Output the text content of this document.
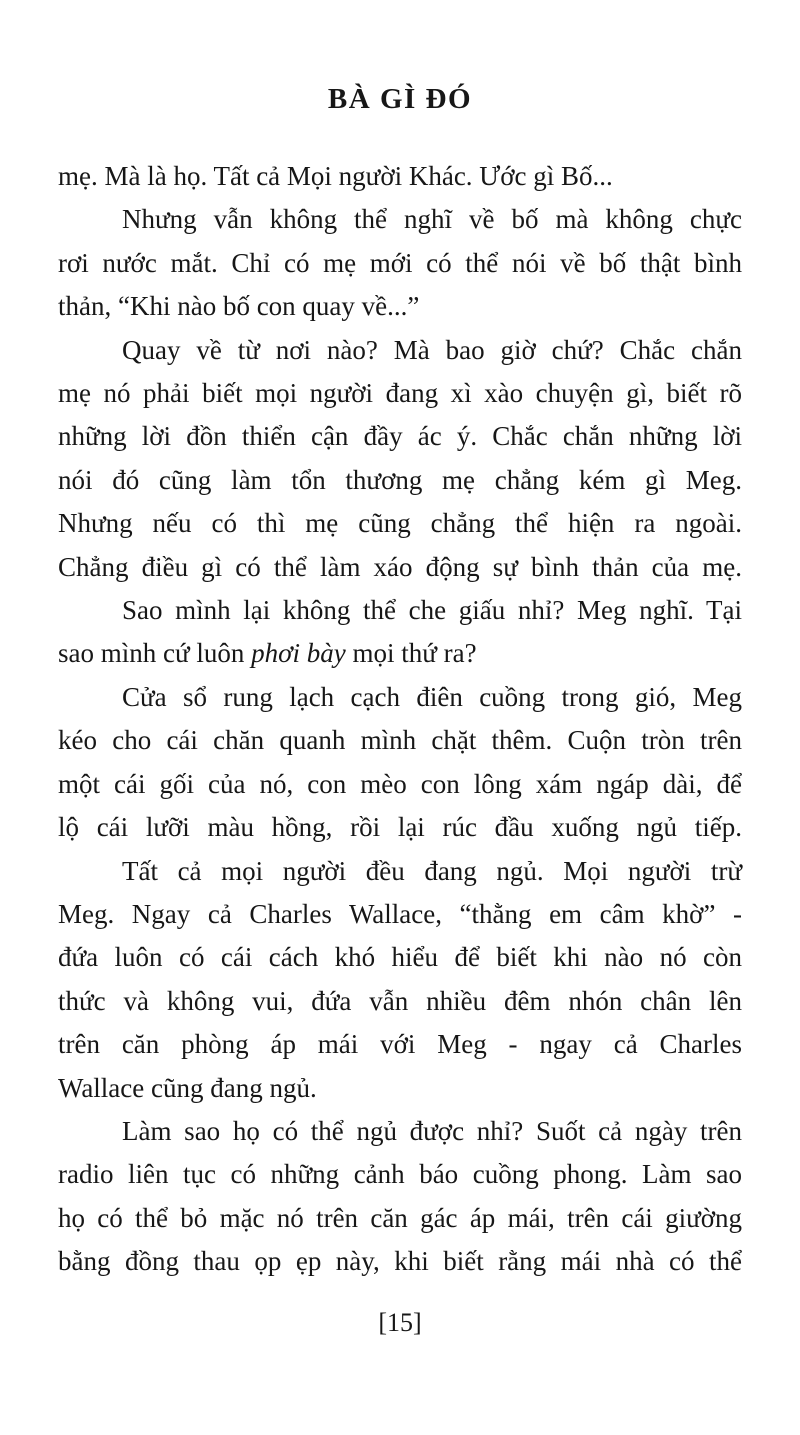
BÀ GÌ ĐÓ
mẹ. Mà là họ. Tất cả Mọi người Khác. Ước gì Bố...
Nhưng vẫn không thể nghĩ về bố mà không chực
rơi nước mắt. Chỉ có mẹ mới có thể nói về bố thật bình
thản, “Khi nào bố con quay về...”
Quay về từ nơi nào? Mà bao giờ chứ? Chắc chắn
mẹ nó phải biết mọi người đang xì xào chuyện gì, biết rõ
những lời đồn thiển cận đầy ác ý. Chắc chắn những lời
nói đó cũng làm tổn thương mẹ chẳng kém gì Meg.
Nhưng nếu có thì mẹ cũng chẳng thể hiện ra ngoài.
Chẳng điều gì có thể làm xáo động sự bình thản của mẹ.
Sao mình lại không thể che giấu nhỉ? Meg nghĩ. Tại
sao mình cứ luôn phơi bày mọi thứ ra?
Cửa sổ rung lạch cạch điên cuồng trong gió, Meg
kéo cho cái chăn quanh mình chặt thêm. Cuộn tròn trên
một cái gối của nó, con mèo con lông xám ngáp dài, để
lộ cái lưỡi màu hồng, rồi lại rúc đầu xuống ngủ tiếp.
Tất cả mọi người đều đang ngủ. Mọi người trừ
Meg. Ngay cả Charles Wallace, “thằng em câm khờ” -
đứa luôn có cái cách khó hiểu để biết khi nào nó còn
thức và không vui, đứa vẫn nhiều đêm nhón chân lên
trên căn phòng áp mái với Meg - ngay cả Charles
Wallace cũng đang ngủ.
Làm sao họ có thể ngủ được nhỉ? Suốt cả ngày trên
radio liên tục có những cảnh báo cuồng phong. Làm sao
họ có thể bỏ mặc nó trên căn gác áp mái, trên cái giường
bằng đồng thau ọp ẹp này, khi biết rằng mái nhà có thể
[15]
